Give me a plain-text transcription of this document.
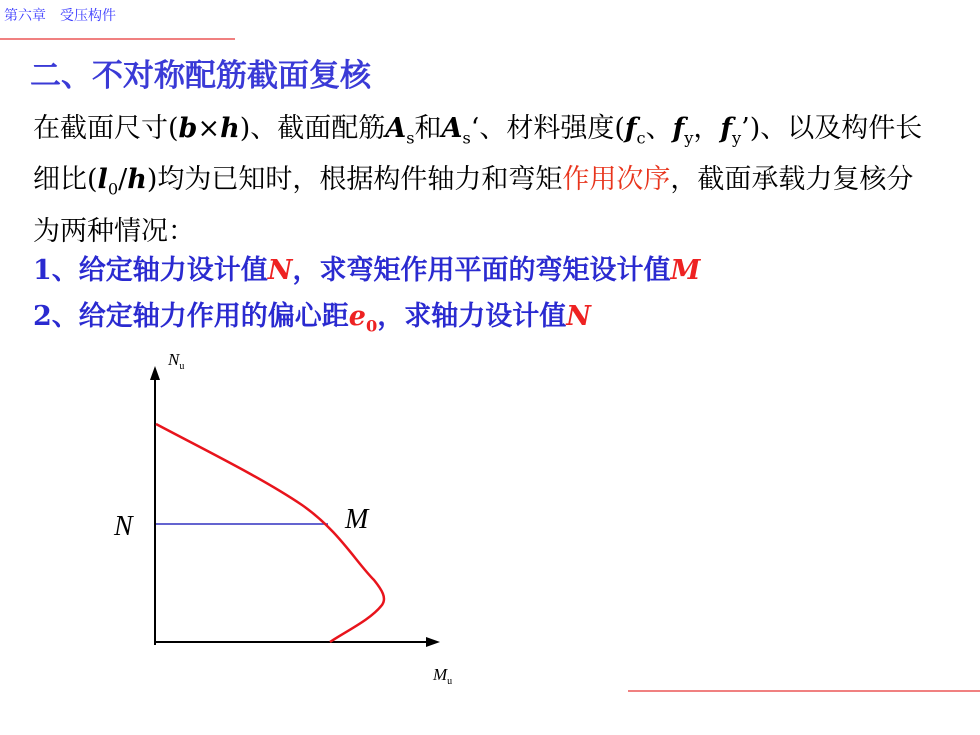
第六章　受压构件
二、不对称配筋截面复核
在截面尺寸(b×h)、截面配筋$A_s$和$A_s‘$、材料强度($f_c$、$f_y$，$f_y$’)、以及构件长细比$(l_0/h)$均为已知时，根据构件轴力和弯矩作用次序，截面承载力复核分为两种情况：
1、给定轴力设计值N，求弯矩作用平面的弯矩设计值M
2、给定轴力作用的偏心距$e_0$，求轴力设计值N
$N_u$
$M_u$
N	M
